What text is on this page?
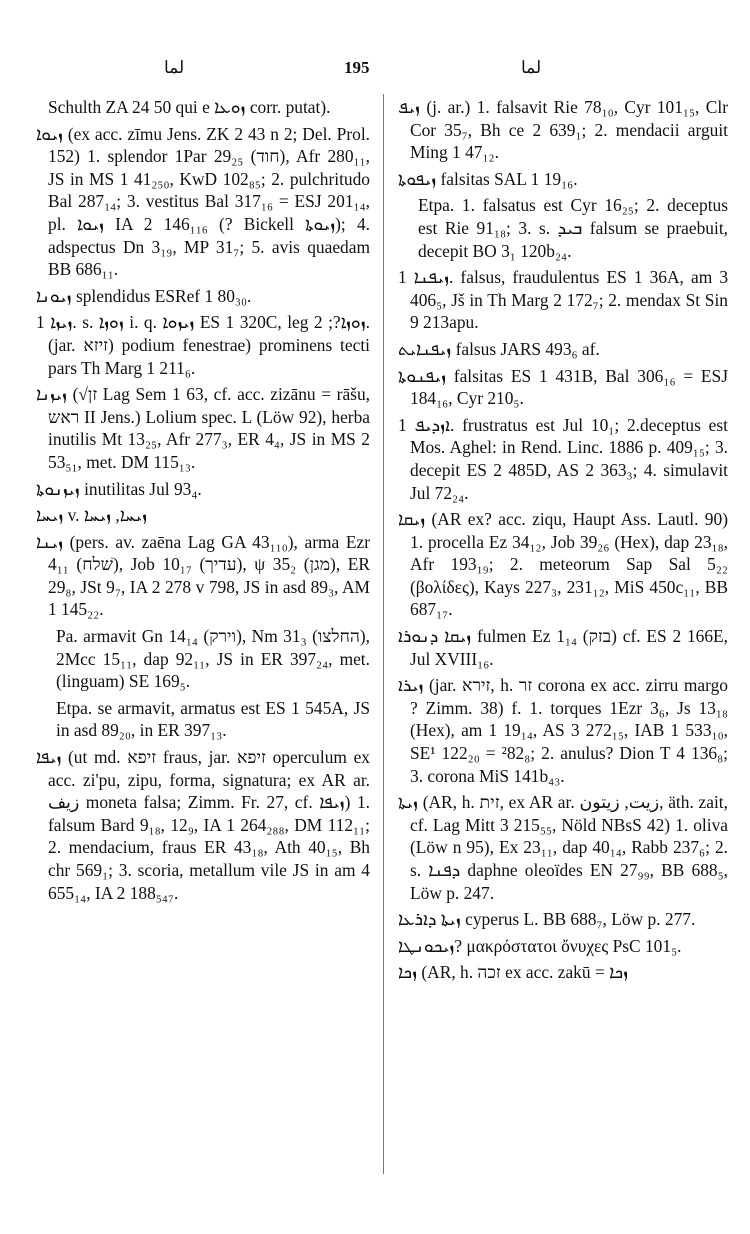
ﻟﻤﺎ	195	ﻟﻤﺎ

Schulth ZA 24 50 qui e ܙܘܥܐ corr. putat).

ܙܝܘܐ (ex acc. zīmu Jens. ZK 2 43 n 2; Del. Prol. 152) 1. splendor 1Par 29₂₅ (חוד), Afr 280₁₁, JS in MS 1 41₂₅₀, KwD 102₈₅; 2. pulchritudo Bal 287₁₄; 3. vestitus Bal 317₁₆ = ESJ 201₁₄, pl. ܙܝܘܐ IA 2 146₁₁₆ (? Bickell ܙܝܘܬܐ); 4. adspectus Dn 3₁₉, MP 31₇; 5. avis quaedam BB 686₁₁.

ܙܝܘܢܐ splendidus ESRef 1 80₃₀.

ܙܝܙܐ 1. s. ܙܘܙܐ i. q. ܙܝܙܘܐ ES 1 320C, leg ܙܘܙܐ?; 2. (jar. זיזא) podium fenestrae) prominens tecti pars Th Marg 1 211₆.

ܙܝܙܢܐ (√זן Lag Sem 1 63, cf. acc. zizānu = rāšu, ראש II Jens.) Lolium spec. L (Löw 92), herba inutilis Mt 13₂₅, Afr 277₃, ER 4₄, JS in MS 2 53₅₁, met. DM 115₁₃.

ܙܝܙܢܘܬܐ inutilitas Jul 93₄.

ܙܝܚܐ v. ܙܝܚܐ, ܙܝܚܐ

ܙܝܢܐ (pers. av. zaēna Lag GA 43₁₁₀), arma Ezr 4₁₁ (שׁלח), Job 10₁₇ (עדיך), ψ 35₂ (מגן), ER 29₈, JSt 9₇, IA 2 278 v 798, JS in asd 89₃, AM 1 145₂₂.

Pa. armavit Gn 14₁₄ (וירק), Nm 31₃ (החלצו), 2Mcc 15₁₁, dap 92₁₁, JS in ER 397₂₄, met. (linguam) SE 169₅.

Etpa. se armavit, armatus est ES 1 545A, JS in asd 89₂₀, in ER 397₁₃.

ܙܝܦܐ (ut md. זיפא fraus, jar. זיפא operculum ex acc. zi'pu, zipu, forma, signatura; ex AR ar. زيف moneta falsa; Zimm. Fr. 27, cf. ܙܝܦܐ) 1. falsum Bard 9₁₈, 12₉, IA 1 264₂₈₈, DM 112₁₁; 2. mendacium, fraus ER 43₁₈, Ath 40₁₅, Bh chr 569₁; 3. scoria, metallum vile JS in am 4 655₁₄, IA 2 188₅₄₇.

ܙܝܦ (j. ar.) 1. falsavit Rie 78₁₀, Cyr 101₁₅, Clr Cor 35₇, Bh ce 2 639₁; 2. mendacii arguit Ming 1 47₁₂.

ܙܝܦܘܬܐ falsitas SAL 1 19₁₆.

Etpa. 1. falsatus est Cyr 16₂₅; 2. deceptus est Rie 91₁₈; 3. s. ܒܝܕ falsum se praebuit, decepit BO 3₁ 120b₂₄.

ܙܝܦܢܐ 1. falsus, fraudulentus ES 1 36A, am 3 406₅, Jš in Th Marg 2 172₇; 2. mendax St Sin 9 213apu.

ܙܝܦܢܐܝܬ falsus JARS 493₆ af.

ܙܝܦܢܘܬܐ falsitas ES 1 431B, Bal 306₁₆ = ESJ 184₁₆, Cyr 210₅.

ܐܙܕܝܦ 1. frustratus est Jul 10₁; 2.deceptus est Mos. Aghel: in Rend. Linc. 1886 p. 409₁₅; 3. decepit ES 2 485D, AS 2 363₃; 4. simulavit Jul 72₂₄.

ܙܝܩܐ (AR ex? acc. ziqu, Haupt Ass. Lautl. 90) 1. procella Ez 34₁₂, Job 39₂₆ (Hex), dap 23₁₈, Afr 193₁₉; 2. meteorum Sap Sal 5₂₂ (βολίδες), Kays 227₃, 231₁₂, MiS 450c₁₁, BB 687₁₇.

ܙܝܩܐ ܕܢܘܪܐ fulmen Ez 1₁₄ (בזק) cf. ES 2 166E, Jul XVIII₁₆.

ܙܝܪܐ (jar. זירא, h. זר corona ex acc. zirru margo ? Zimm. 38) f. 1. torques 1Ezr 3₆, Js 13₁₈ (Hex), am 1 19₁₄, AS 3 272₁₅, IAB 1 533₁₀, SE¹ 122₂₀ = ²82₈; 2. anulus? Dion T 4 136₈; 3. corona MiS 141b₄₃.

ܙܝܬܐ (AR, h. זית, ex AR ar. زيت, زيتون, äth. zait, cf. Lag Mitt 3 215₅₅, Nöld NBsS 42) 1. oliva (Löw n 95), Ex 23₁₁, dap 40₁₄, Rabb 237₆; 2. s. ܕܦܢܐ daphne oleoïdes EN 27₉₉, BB 688₅, Löw p. 247.

ܙܝܬܐ ܕܐܪܥܐ cyperus L. BB 688₇, Löw p. 277.

ܙܝܟܘܢܛܐ? μακρόστατοι ὄνυχες PsC 101₅.

ܙܟܐ (AR, h. זכה ex acc. zakū = ܙܟܐ
